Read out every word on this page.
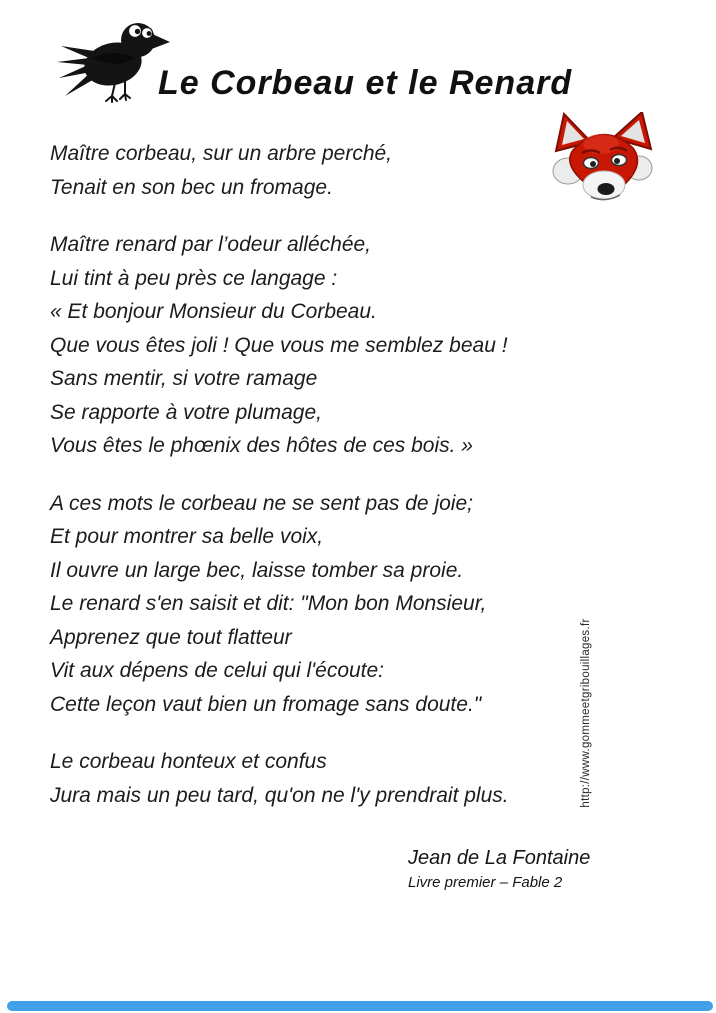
Le Corbeau et le Renard

Maître corbeau, sur un arbre perché,
Tenait en son bec un fromage.

Maître renard par l’odeur alléchée,
Lui tint à peu près ce langage :
« Et bonjour Monsieur du Corbeau.
Que vous êtes joli ! Que vous me semblez beau !
Sans mentir, si votre ramage
Se rapporte à votre plumage,
Vous êtes le phœnix des hôtes de ces bois. »

A ces mots le corbeau ne se sent pas de joie;
Et pour montrer sa belle voix,
Il ouvre un large bec, laisse tomber sa proie.
Le renard s'en saisit et dit: "Mon bon Monsieur,
Apprenez que tout flatteur
Vit aux dépens de celui qui l'écoute:
Cette leçon vaut bien un fromage sans doute."

Le corbeau honteux et confus
Jura mais un peu tard, qu'on ne l'y prendrait plus.	http://www.gommeetgribouillages.fr
Jean de La Fontaine
Livre premier – Fable 2
